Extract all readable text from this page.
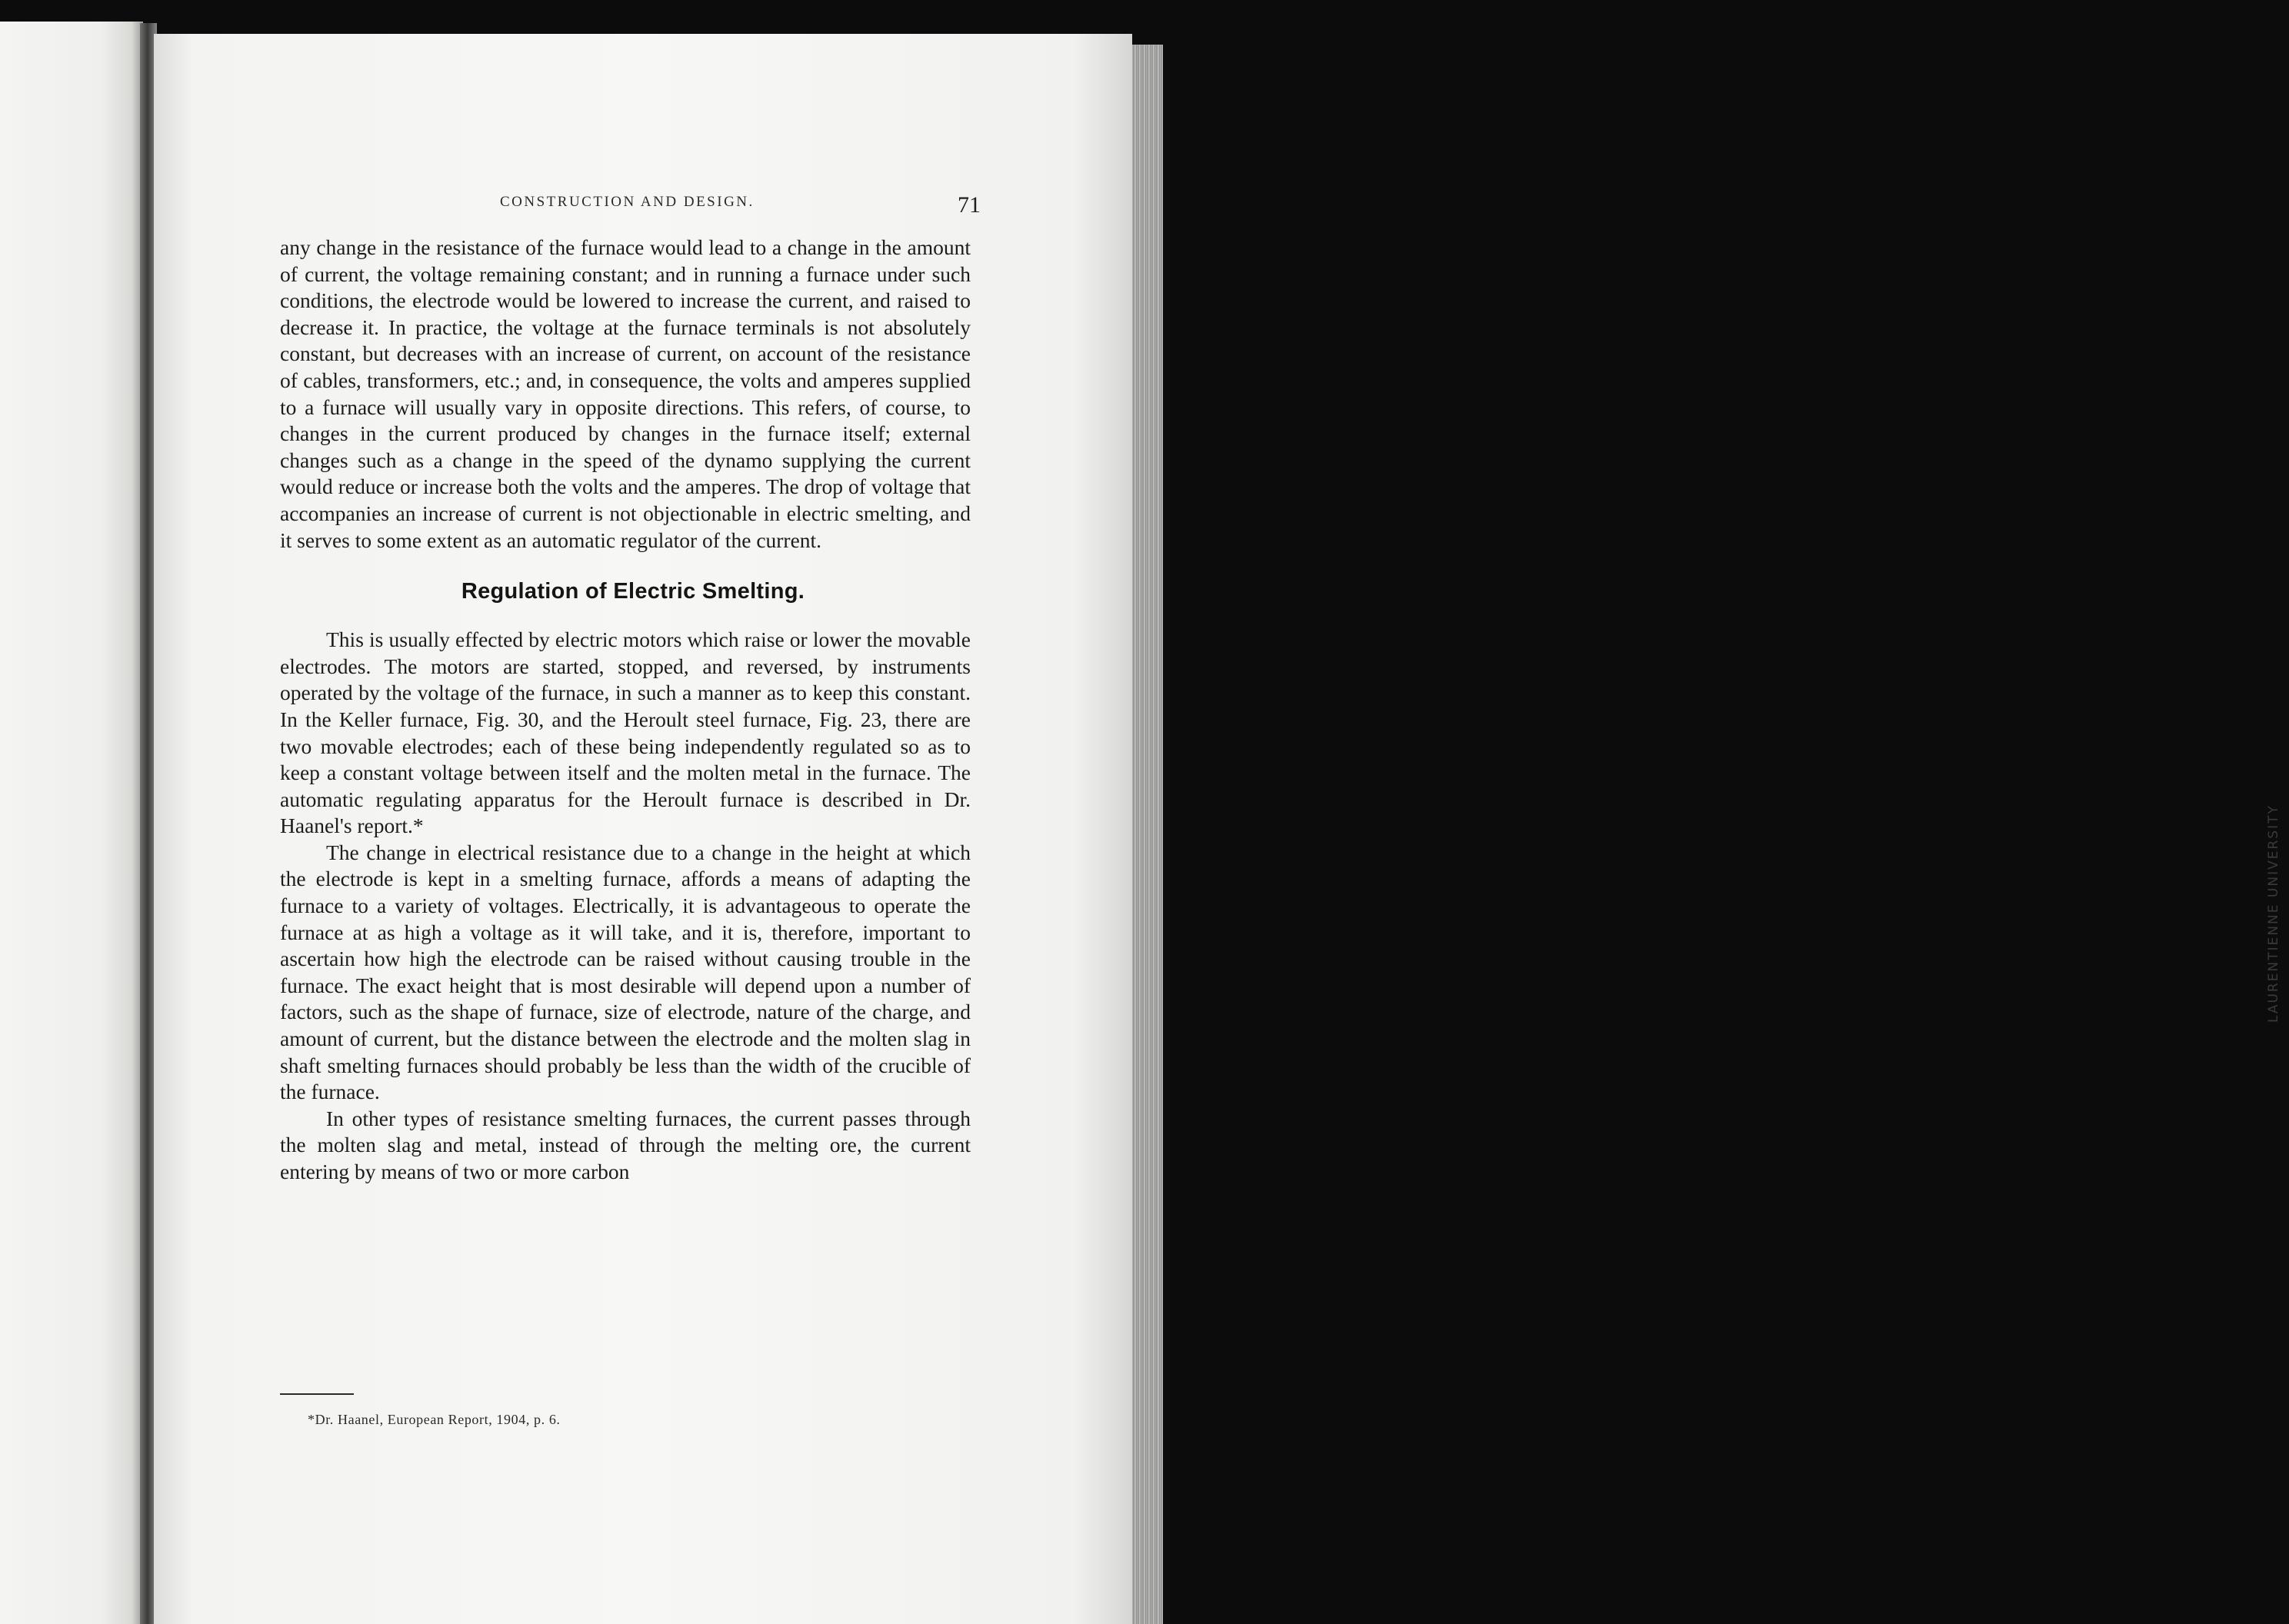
LAURENTIENNE UNIVERSITY
CONSTRUCTION AND DESIGN.	71

any change in the resistance of the furnace would lead to a change in the amount of current, the voltage remaining constant; and in running a furnace under such conditions, the electrode would be lowered to increase the current, and raised to decrease it. In practice, the voltage at the furnace terminals is not absolutely constant, but decreases with an increase of current, on account of the resistance of cables, transformers, etc.; and, in consequence, the volts and amperes supplied to a furnace will usually vary in opposite directions. This refers, of course, to changes in the current produced by changes in the furnace itself; external changes such as a change in the speed of the dynamo supplying the current would reduce or increase both the volts and the amperes. The drop of voltage that accompanies an increase of current is not objectionable in electric smelting, and it serves to some extent as an automatic regulator of the current.

Regulation of Electric Smelting.

This is usually effected by electric motors which raise or lower the movable electrodes. The motors are started, stopped, and reversed, by instruments operated by the voltage of the furnace, in such a manner as to keep this constant. In the Keller furnace, Fig. 30, and the Heroult steel furnace, Fig. 23, there are two movable electrodes; each of these being independently regulated so as to keep a constant voltage between itself and the molten metal in the furnace. The automatic regulating apparatus for the Heroult furnace is described in Dr. Haanel's report.*

The change in electrical resistance due to a change in the height at which the electrode is kept in a smelting furnace, affords a means of adapting the furnace to a variety of voltages. Electrically, it is advantageous to operate the furnace at as high a voltage as it will take, and it is, therefore, important to ascertain how high the electrode can be raised without causing trouble in the furnace. The exact height that is most desirable will depend upon a number of factors, such as the shape of furnace, size of electrode, nature of the charge, and amount of current, but the distance between the electrode and the molten slag in shaft smelting furnaces should probably be less than the width of the crucible of the furnace.

In other types of resistance smelting furnaces, the current passes through the molten slag and metal, instead of through the melting ore, the current entering by means of two or more carbon

*Dr. Haanel, European Report, 1904, p. 6.
